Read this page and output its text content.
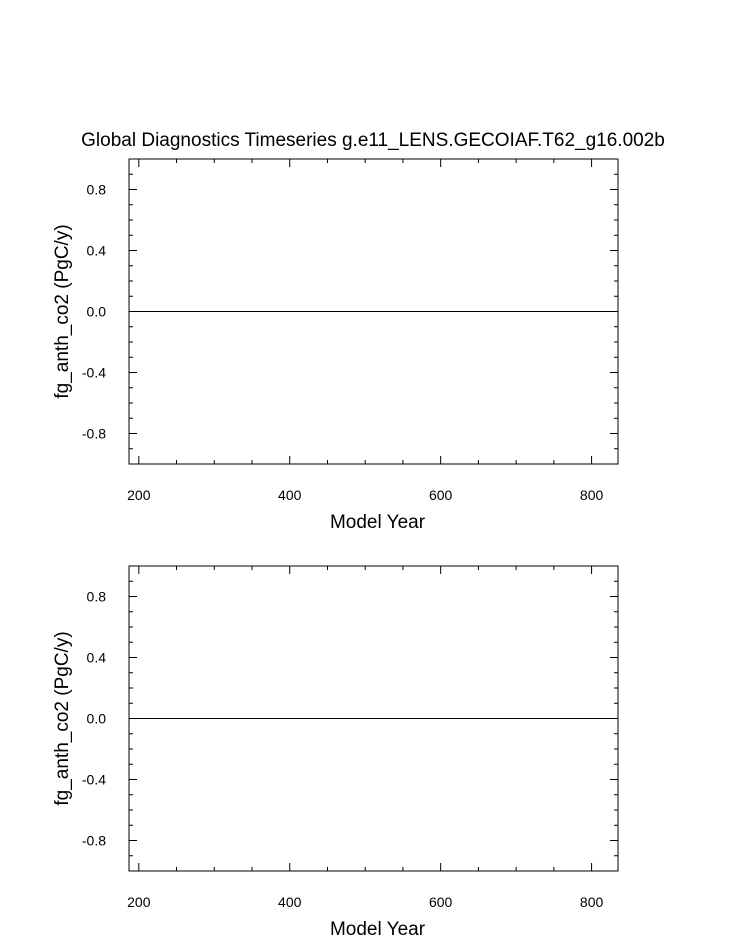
Global Diagnostics Timeseries g.e11_LENS.GECOIAF.T62_g16.002b
200	400	600	800
0.8
0.4
0.0
-0.4
-0.8
Model Year
fg_anth_co2 (PgC/y)
200	400	600	800
0.8
0.4
0.0
-0.4
-0.8
Model Year
fg_anth_co2 (PgC/y)
